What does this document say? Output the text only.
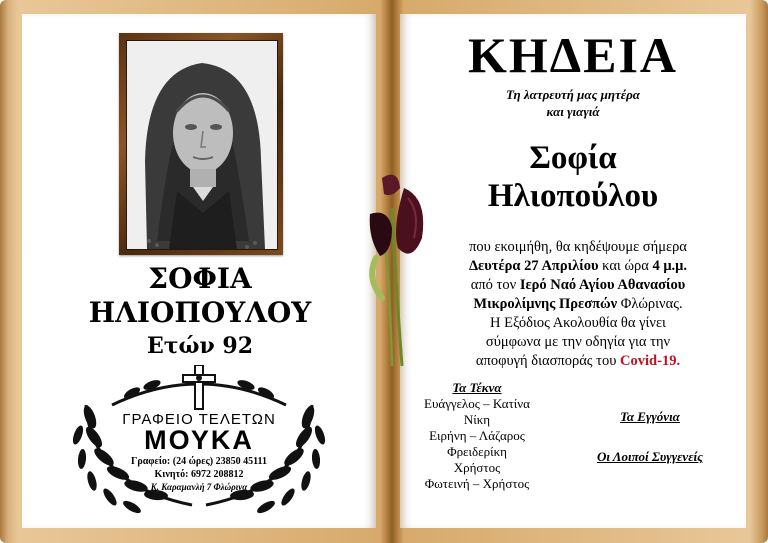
ΣΟΦΙΑ
ΗΛΙΟΠΟΥΛΟΥ
Ετών 92
ΓΡΑΦΕΙΟ ΤΕΛΕΤΩΝ
ΜΟΥΚΑ
Γραφείο: (24 ώρες) 23850 45111
Κινητό: 6972 208812
Κ. Καραμανλή 7 Φλώρινα
ΚΗΔΕΙΑ
Τη λατρευτή μας μητέρα
και γιαγιά
Σοφία
Ηλιοπούλου
που εκοιμήθη, θα κηδέψουμε σήμερα
Δευτέρα 27 Απριλίου και ώρα 4 μ.μ.
από τον Ιερό Ναό Αγίου Αθανασίου
Μικρολίμνης Πρεσπών Φλώρινας.
Η Εξόδιος Ακολουθία θα γίνει
σύμφωνα με την οδηγία για την
αποφυγή διασποράς του Covid-19.
Τα Τέκνα
Ευάγγελος – Κατίνα
Νίκη
Ειρήνη – Λάζαρος
Φρειδερίκη
Χρήστος
Φωτεινή – Χρήστος
Τα Εγγόνια
Οι Λοιποί Συγγενείς
